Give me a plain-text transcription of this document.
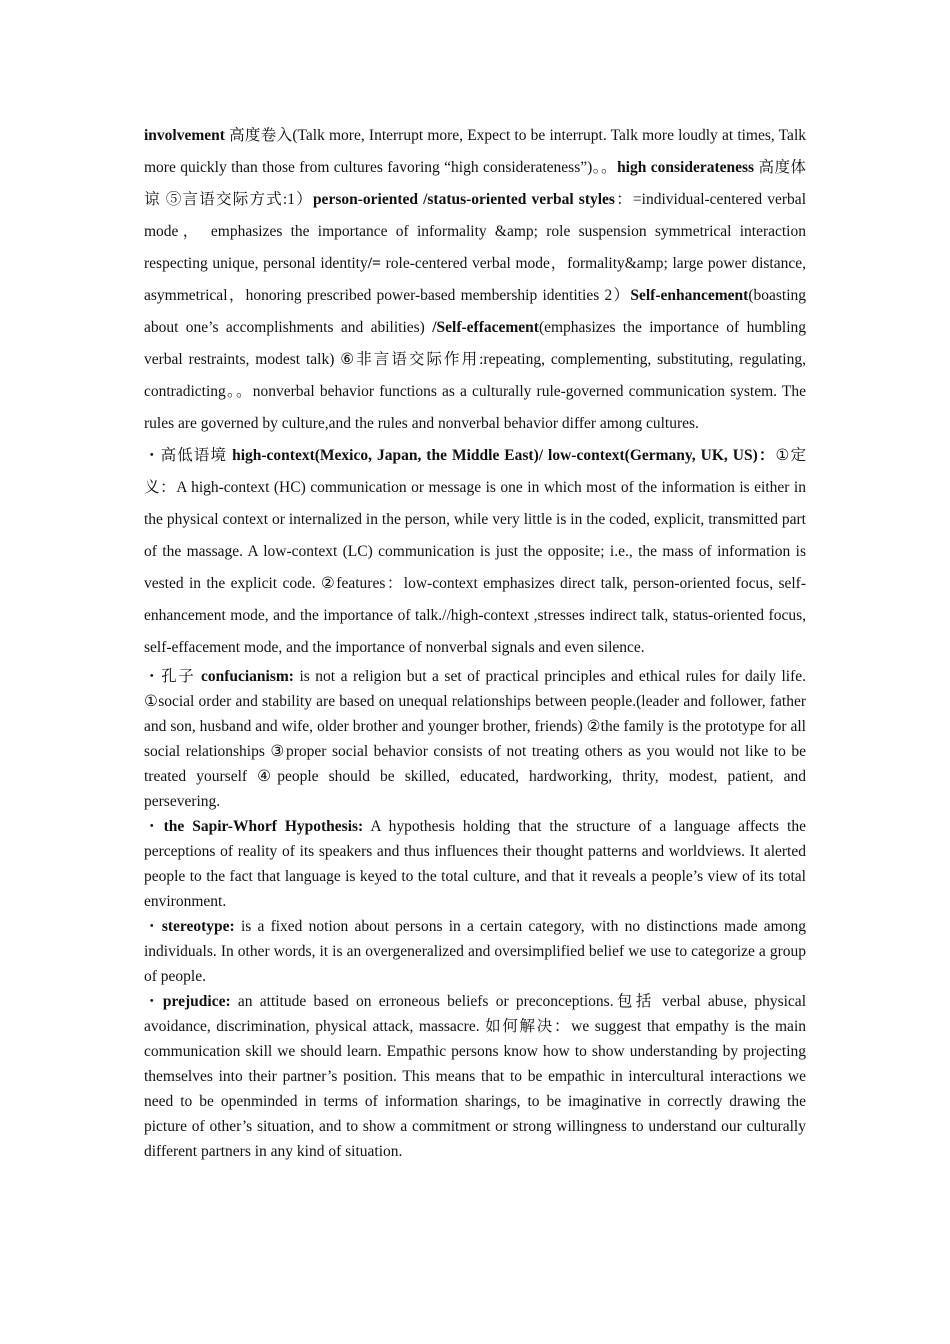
involvement 高度卷入(Talk more, Interrupt more, Expect to be interrupt. Talk more loudly at times, Talk more quickly than those from cultures favoring “high considerateness”)。。high considerateness 高度体谅 ⑤言语交际方式:1）person-oriented /status-oriented verbal styles：=individual-centered verbal mode， emphasizes the importance of informality &amp; role suspension symmetrical interaction respecting unique, personal identity/= role-centered verbal mode，formality&amp; large power distance, asymmetrical，honoring prescribed power-based membership identities 2）Self-enhancement(boasting about one’s accomplishments and abilities) /Self-effacement(emphasizes the importance of humbling verbal restraints, modest talk) ⑥非言语交际作用:repeating, complementing, substituting, regulating, contradicting。。nonverbal behavior functions as a culturally rule-governed communication system. The rules are governed by culture,and the rules and nonverbal behavior differ among cultures.

・高低语境 high-context(Mexico, Japan, the Middle East)/ low-context(Germany, UK, US)：①定义：A high-context (HC) communication or message is one in which most of the information is either in the physical context or internalized in the person, while very little is in the coded, explicit, transmitted part of the massage. A low-context (LC) communication is just the opposite; i.e., the mass of information is vested in the explicit code. ②features：low-context emphasizes direct talk, person-oriented focus, self-enhancement mode, and the importance of talk.//high-context ,stresses indirect talk, status-oriented focus, self-effacement mode, and the importance of nonverbal signals and even silence.

・孔子 confucianism: is not a religion but a set of practical principles and ethical rules for daily life. ①social order and stability are based on unequal relationships between people.(leader and follower, father and son, husband and wife, older brother and younger brother, friends) ②the family is the prototype for all social relationships ③proper social behavior consists of not treating others as you would not like to be treated yourself ④people should be skilled, educated, hardworking, thrity, modest, patient, and persevering.

・the Sapir-Whorf Hypothesis: A hypothesis holding that the structure of a language affects the perceptions of reality of its speakers and thus influences their thought patterns and worldviews. It alerted people to the fact that language is keyed to the total culture, and that it reveals a people’s view of its total environment.

・stereotype: is a fixed notion about persons in a certain category, with no distinctions made among individuals. In other words, it is an overgeneralized and oversimplified belief we use to categorize a group of people.

・prejudice: an attitude based on erroneous beliefs or preconceptions.包括 verbal abuse, physical avoidance, discrimination, physical attack, massacre. 如何解决：we suggest that empathy is the main communication skill we should learn. Empathic persons know how to show understanding by projecting themselves into their partner’s position. This means that to be empathic in intercultural interactions we need to be openminded in terms of information sharings, to be imaginative in correctly drawing the picture of other’s situation, and to show a commitment or strong willingness to understand our culturally different partners in any kind of situation.
